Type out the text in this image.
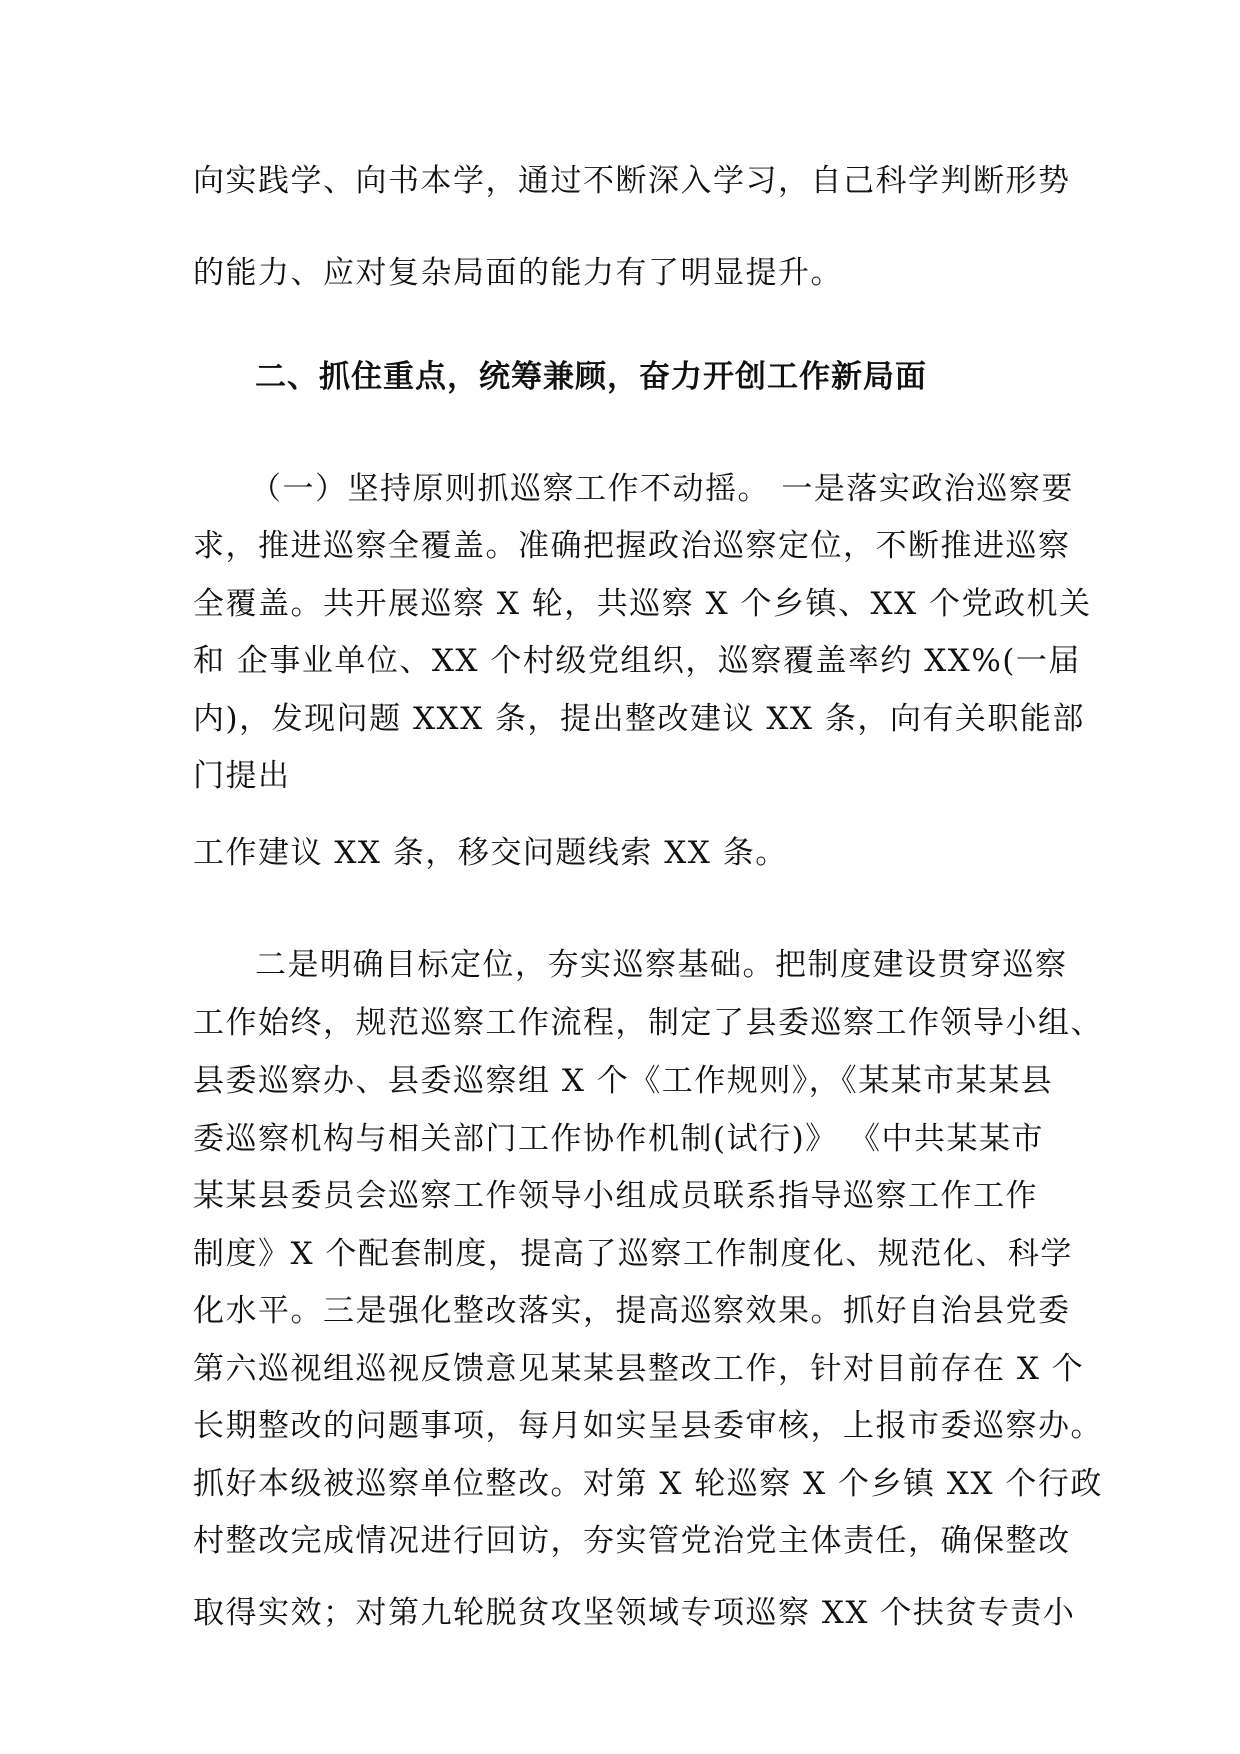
向实践学、向书本学，通过不断深入学习，自己科学判断形势
的能力、应对复杂局面的能力有了明显提升。
二、抓住重点，统筹兼顾，奋力开创工作新局面
（一）坚持原则抓巡察工作不动摇。 一是落实政治巡察要
求，推进巡察全覆盖。准确把握政治巡察定位，不断推进巡察
全覆盖。共开展巡察 X 轮，共巡察 X 个乡镇、XX 个党政机关
和 企事业单位、XX 个村级党组织，巡察覆盖率约 XX%(一届
内)，发现问题 XXX 条，提出整改建议 XX 条，向有关职能部
门提出
工作建议 XX 条，移交问题线索 XX 条。
二是明确目标定位，夯实巡察基础。把制度建设贯穿巡察
工作始终，规范巡察工作流程，制定了县委巡察工作领导小组、
县委巡察办、县委巡察组 X 个《工作规则》，《某某市某某县
委巡察机构与相关部门工作协作机制(试行)》 《中共某某市
某某县委员会巡察工作领导小组成员联系指导巡察工作工作
制度》X 个配套制度，提高了巡察工作制度化、规范化、科学
化水平。三是强化整改落实，提高巡察效果。抓好自治县党委
第六巡视组巡视反馈意见某某县整改工作，针对目前存在 X 个
长期整改的问题事项，每月如实呈县委审核，上报市委巡察办。
抓好本级被巡察单位整改。对第 X 轮巡察 X 个乡镇 XX 个行政
村整改完成情况进行回访，夯实管党治党主体责任，确保整改
取得实效；对第九轮脱贫攻坚领域专项巡察 XX 个扶贫专责小
